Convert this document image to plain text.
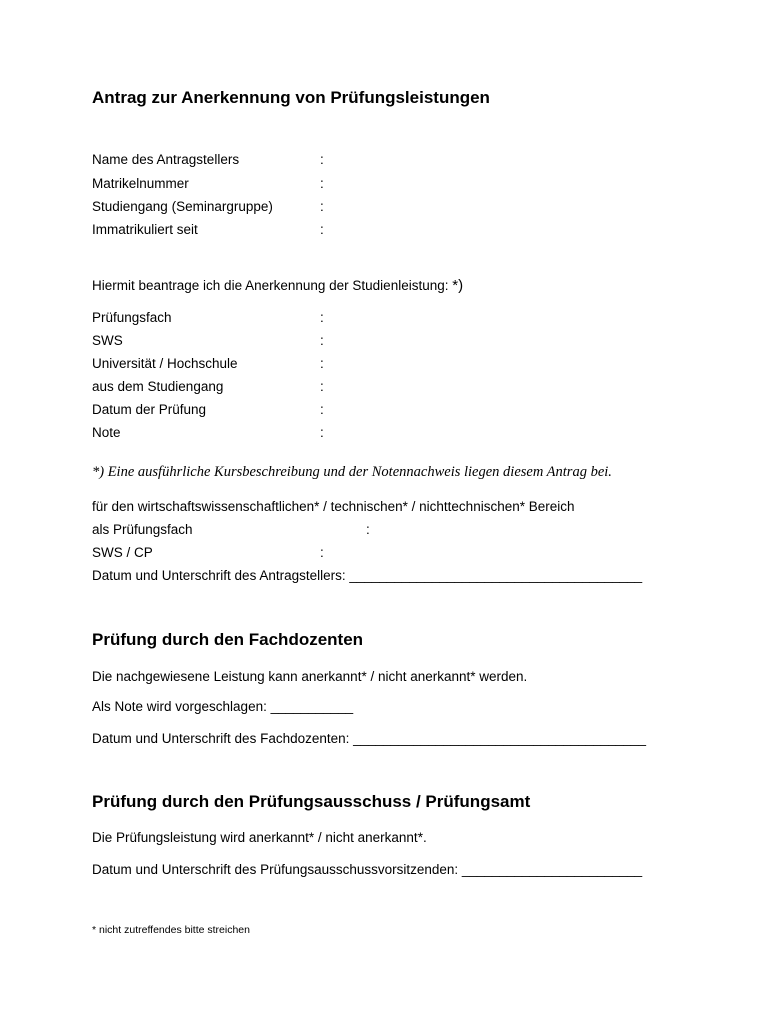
Antrag zur Anerkennung von Prüfungsleistungen
Name des Antragstellers	:
Matrikelnummer	:
Studiengang (Seminargruppe)	:
Immatrikuliert seit	:
Hiermit beantrage ich die Anerkennung der Studienleistung: *)
Prüfungsfach	:
SWS	:
Universität / Hochschule	:
aus dem Studiengang	:
Datum der Prüfung	:
Note	:
*) Eine ausführliche Kursbeschreibung und der Notennachweis liegen diesem Antrag bei.
für den wirtschaftswissenschaftlichen* / technischen* / nichttechnischen* Bereich
als Prüfungsfach	:
SWS / CP	:
Datum und Unterschrift des Antragstellers: _______________________________________
Prüfung durch den Fachdozenten
Die nachgewiesene Leistung kann anerkannt* / nicht anerkannt* werden.
Als Note wird vorgeschlagen: ___________
Datum und Unterschrift des Fachdozenten: _______________________________________
Prüfung durch den Prüfungsausschuss / Prüfungsamt
Die Prüfungsleistung wird anerkannt* / nicht anerkannt*.
Datum und Unterschrift des Prüfungsausschussvorsitzenden: ________________________
* nicht zutreffendes bitte streichen
